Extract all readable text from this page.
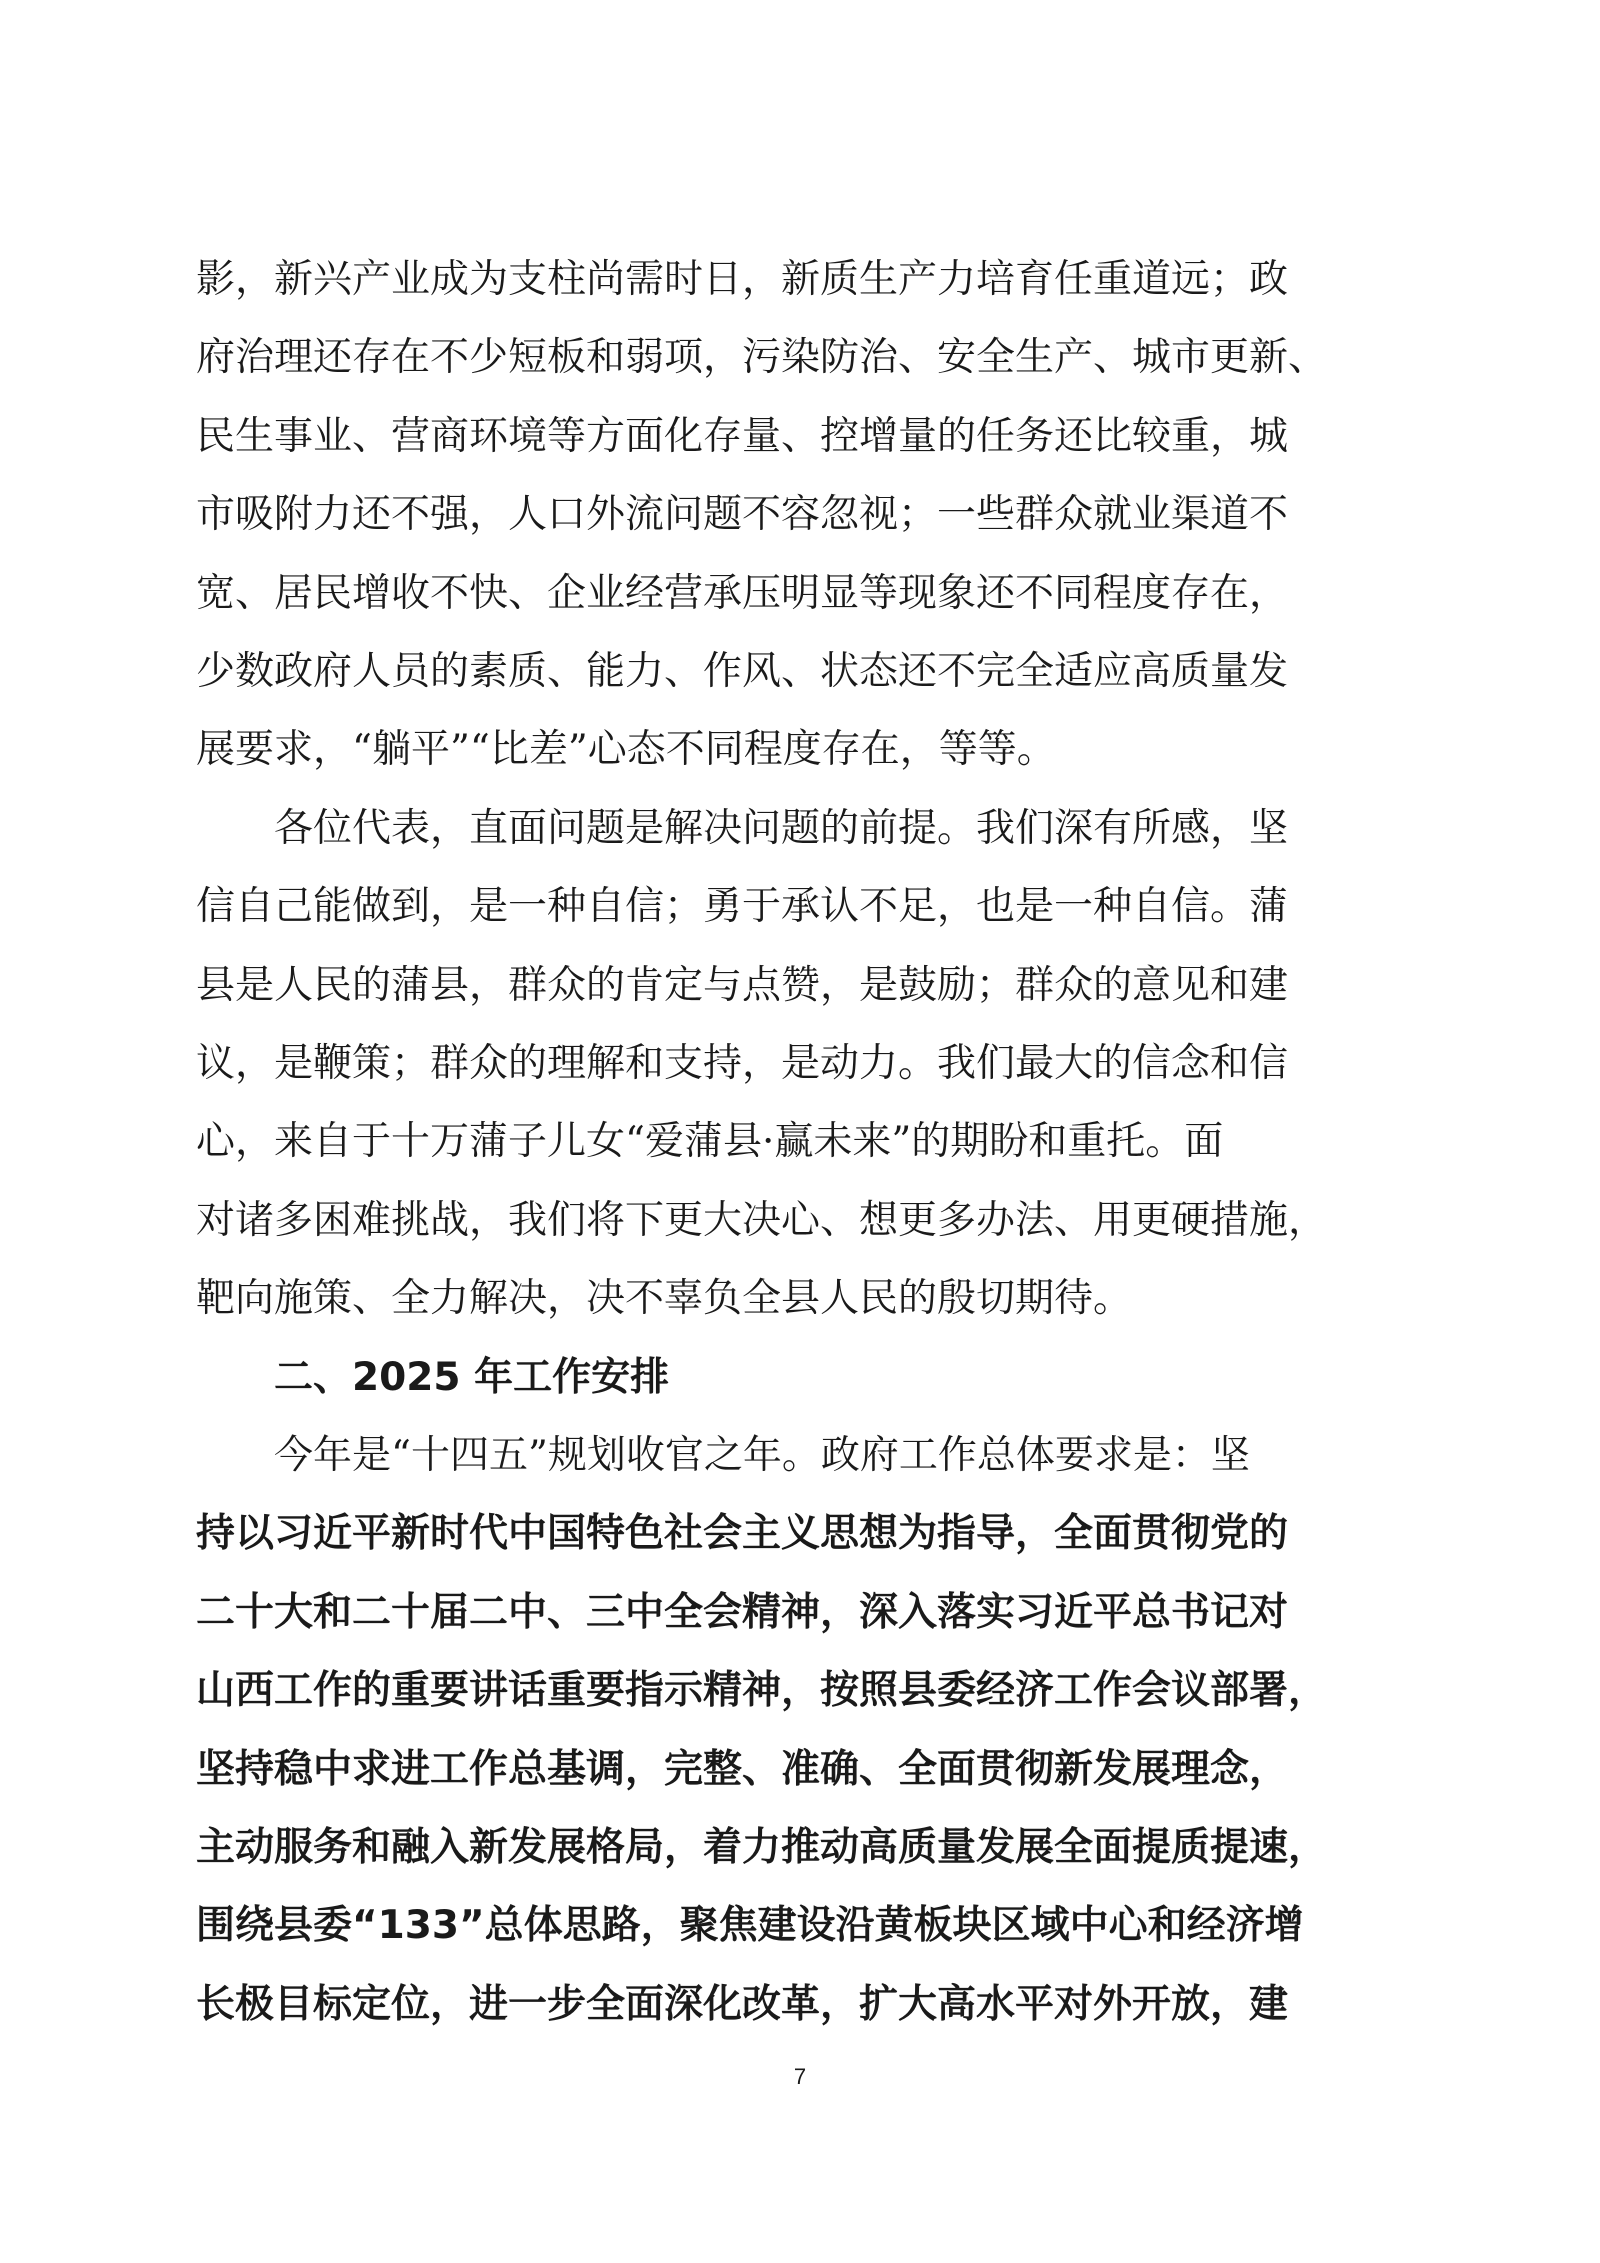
影，新兴产业成为支柱尚需时日，新质生产力培育任重道远；政
府治理还存在不少短板和弱项，污染防治、安全生产、城市更新、
民生事业、营商环境等方面化存量、控增量的任务还比较重，城
市吸附力还不强，人口外流问题不容忽视；一些群众就业渠道不
宽、居民增收不快、企业经营承压明显等现象还不同程度存在，
少数政府人员的素质、能力、作风、状态还不完全适应高质量发
展要求，“躺平”“比差”心态不同程度存在，等等。
各位代表，直面问题是解决问题的前提。我们深有所感，坚
信自己能做到，是一种自信；勇于承认不足，也是一种自信。蒲
县是人民的蒲县，群众的肯定与点赞，是鼓励；群众的意见和建
议，是鞭策；群众的理解和支持，是动力。我们最大的信念和信
心，来自于十万蒲子儿女“爱蒲县·赢未来”的期盼和重托。面
对诸多困难挑战，我们将下更大决心、想更多办法、用更硬措施，
靶向施策、全力解决，决不辜负全县人民的殷切期待。
二、2025 年工作安排
今年是“十四五”规划收官之年。政府工作总体要求是：坚
持以习近平新时代中国特色社会主义思想为指导，全面贯彻党的
二十大和二十届二中、三中全会精神，深入落实习近平总书记对
山西工作的重要讲话重要指示精神，按照县委经济工作会议部署，
坚持稳中求进工作总基调，完整、准确、全面贯彻新发展理念，
主动服务和融入新发展格局，着力推动高质量发展全面提质提速，
围绕县委“133”总体思路，聚焦建设沿黄板块区域中心和经济增
长极目标定位，进一步全面深化改革，扩大高水平对外开放，建
7
